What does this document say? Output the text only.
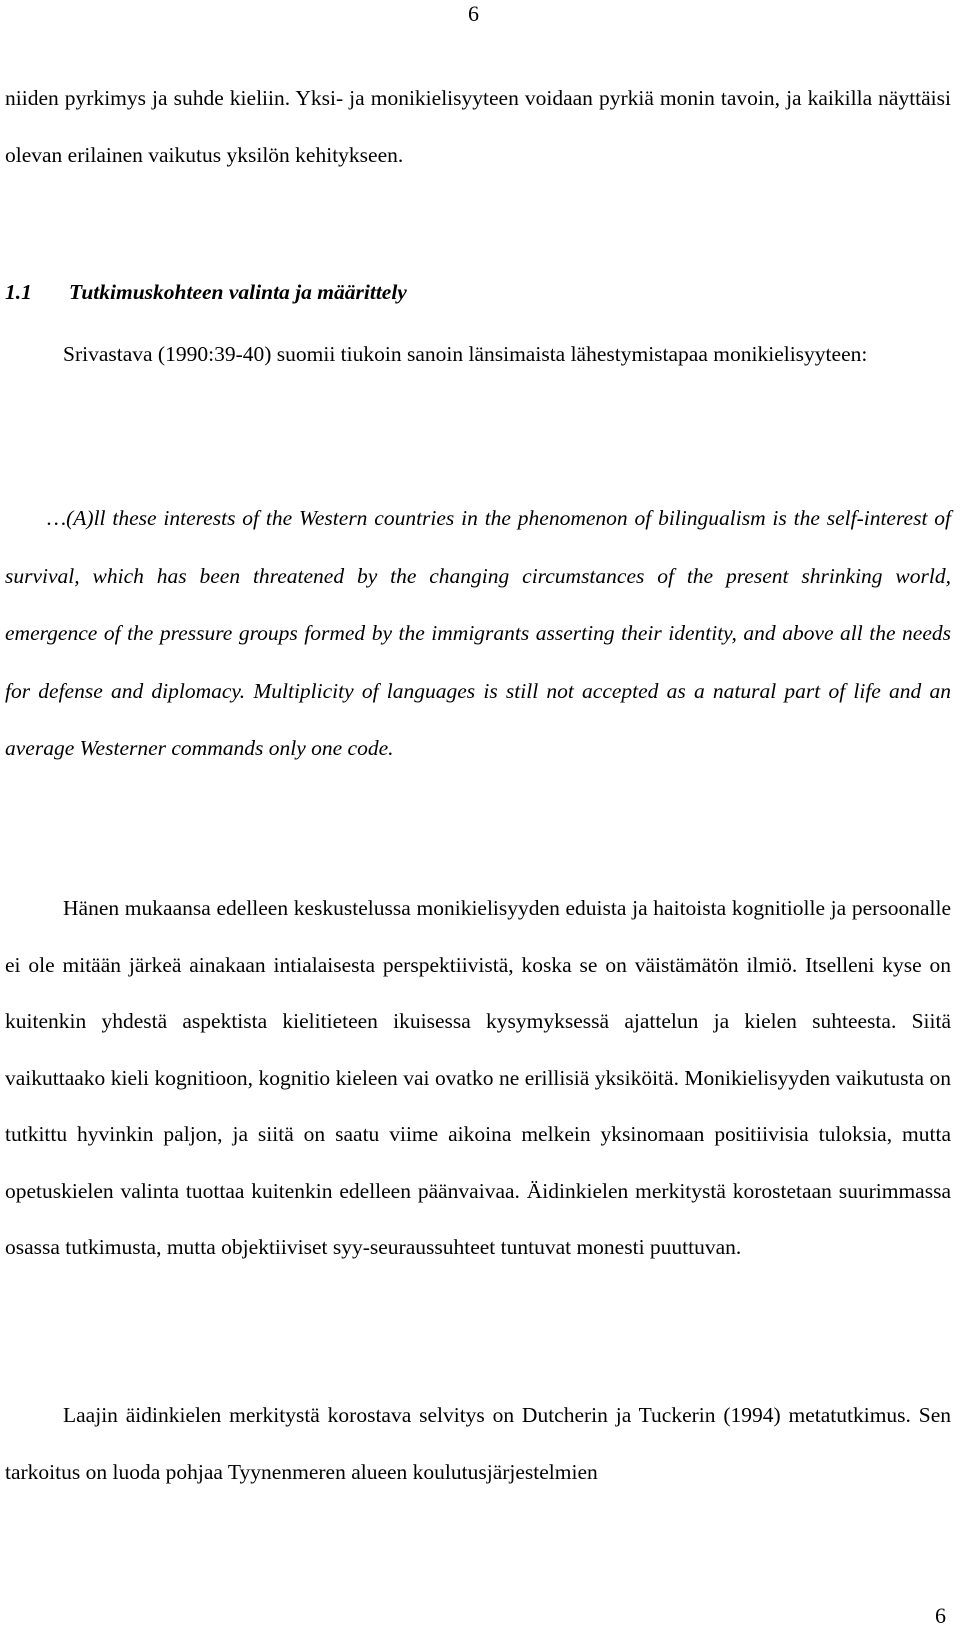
6

niiden pyrkimys ja suhde kieliin. Yksi- ja monikielisyyteen voidaan pyrkiä monin tavoin, ja kaikilla näyttäisi olevan erilainen vaikutus yksilön kehitykseen.

1.1 Tutkimuskohteen valinta ja määrittely

Srivastava (1990:39-40) suomii tiukoin sanoin länsimaista lähestymistapaa monikielisyyteen:

…(A)ll these interests of the Western countries in the phenomenon of bilingualism is the self-interest of survival, which has been threatened by the changing circumstances of the present shrinking world, emergence of the pressure groups formed by the immigrants asserting their identity, and above all the needs for defense and diplomacy. Multiplicity of languages is still not accepted as a natural part of life and an average Westerner commands only one code.

Hänen mukaansa edelleen keskustelussa monikielisyyden eduista ja haitoista kognitiolle ja persoonalle ei ole mitään järkeä ainakaan intialaisesta perspektiivistä, koska se on väistämätön ilmiö. Itselleni kyse on kuitenkin yhdestä aspektista kielitieteen ikuisessa kysymyksessä ajattelun ja kielen suhteesta. Siitä vaikuttaako kieli kognitioon, kognitio kieleen vai ovatko ne erillisiä yksiköitä. Monikielisyyden vaikutusta on tutkittu hyvinkin paljon, ja siitä on saatu viime aikoina melkein yksinomaan positiivisia tuloksia, mutta opetuskielen valinta tuottaa kuitenkin edelleen päänvaivaa. Äidinkielen merkitystä korostetaan suurimmassa osassa tutkimusta, mutta objektiiviset syy-seuraussuhteet tuntuvat monesti puuttuvan.

Laajin äidinkielen merkitystä korostava selvitys on Dutcherin ja Tuckerin (1994) metatutkimus. Sen tarkoitus on luoda pohjaa Tyynenmeren alueen koulutusjärjestelmien

6
